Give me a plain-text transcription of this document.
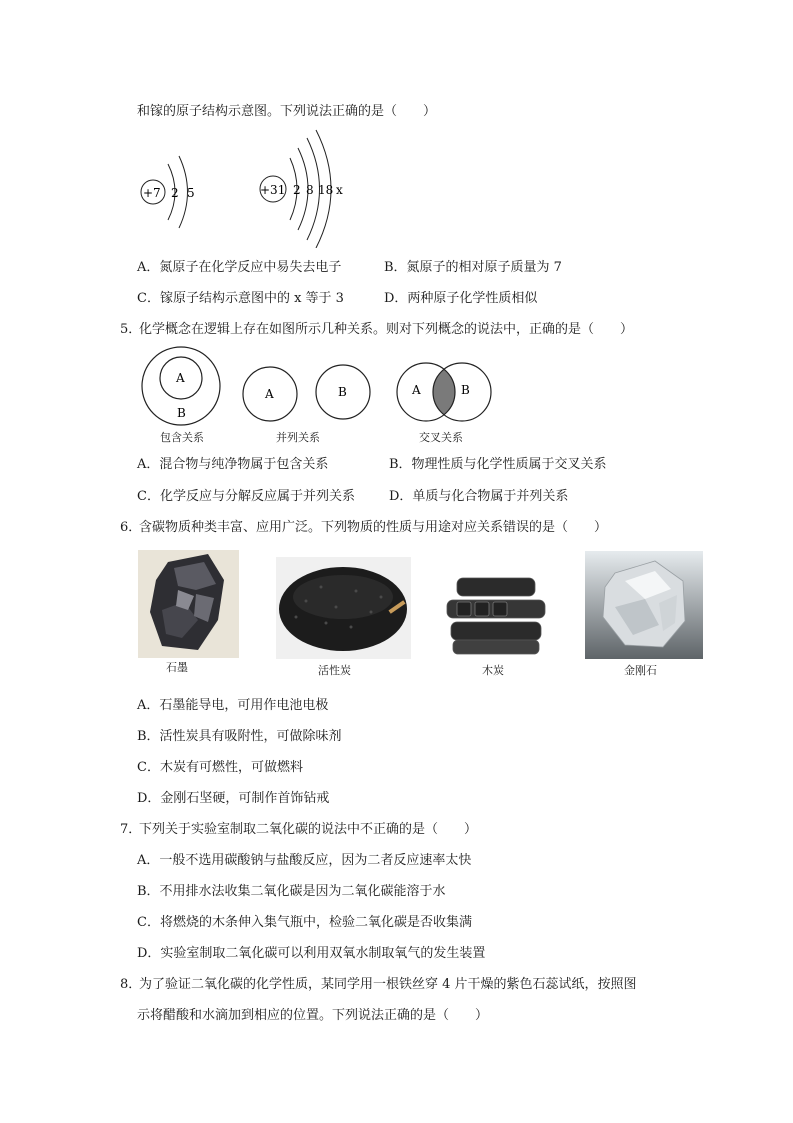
和镓的原子结构示意图。下列说法正确的是（　　）
+7 2 5	+31 2 8 18 x
A．氮原子在化学反应中易失去电子	B．氮原子的相对原子质量为 7
C．镓原子结构示意图中的 x 等于 3	D．两种原子化学性质相似
5．
化学概念在逻辑上存在如图所示几种关系。则对下列概念的说法中，正确的是（　　）
A
B
A	B	A	B
包含关系	并列关系	交叉关系
A．混合物与纯净物属于包含关系	B．物理性质与化学性质属于交叉关系
C．化学反应与分解反应属于并列关系	D．单质与化合物属于并列关系
6．
含碳物质种类丰富、应用广泛。下列物质的性质与用途对应关系错误的是（　　）
石墨	活性炭	木炭	金刚石
A．石墨能导电，可用作电池电极
B．活性炭具有吸附性，可做除味剂
C．木炭有可燃性，可做燃料
D．金刚石坚硬，可制作首饰钻戒
7．
下列关于实验室制取二氧化碳的说法中不正确的是（　　）
A．一般不选用碳酸钠与盐酸反应，因为二者反应速率太快
B．不用排水法收集二氧化碳是因为二氧化碳能溶于水
C．将燃烧的木条伸入集气瓶中，检验二氧化碳是否收集满
D．实验室制取二氧化碳可以利用双氧水制取氧气的发生装置
8．
为了验证二氧化碳的化学性质，某同学用一根铁丝穿 4 片干燥的紫色石蕊试纸，按照图
示将醋酸和水滴加到相应的位置。下列说法正确的是（　　）
